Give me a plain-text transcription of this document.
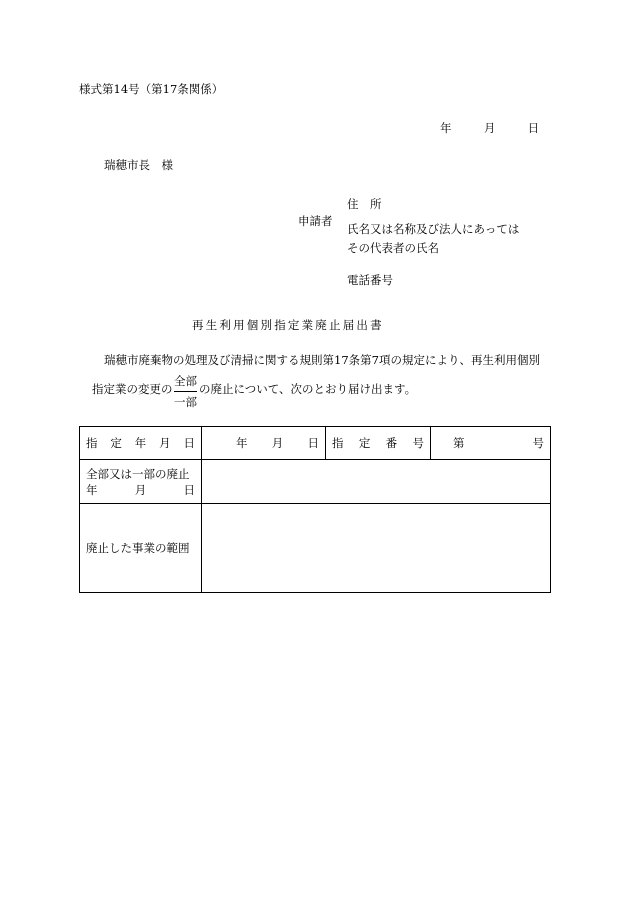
様式第14号（第17条関係）
年	月	日
瑞穂市長　様
申請者
住　所
氏名又は名称及び法人にあっては
その代表者の氏名
電話番号
再生利用個別指定業廃止届出書
瑞穂市廃棄物の処理及び清掃に関する規則第17条第7項の規定により、再生利用個別
指定業の変更の
全部
一部
の廃止について、次のとおり届け出ます。
指 定 年 月 日	年 月 日	指 定 番 号	第 号

全部又は一部の廃止
年 月 日			

廃止した事業の範囲			
